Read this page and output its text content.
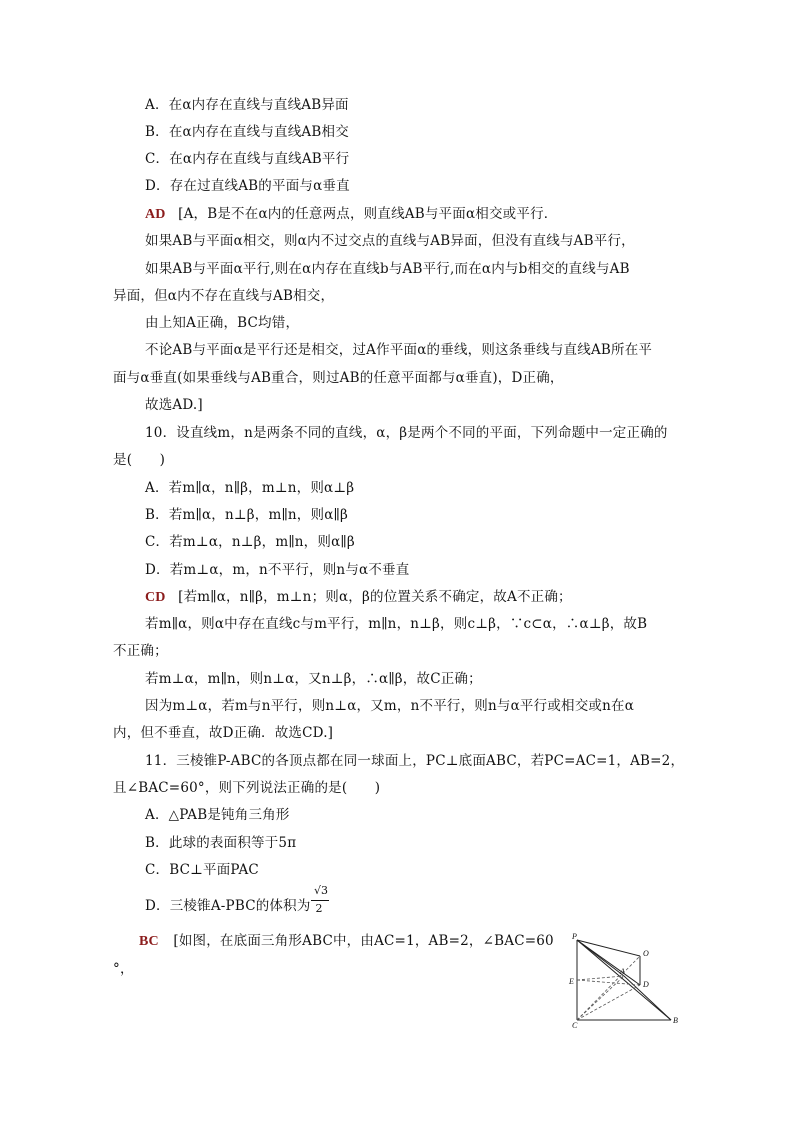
A．在α内存在直线与直线AB异面
B．在α内存在直线与直线AB相交
C．在α内存在直线与直线AB平行
D．存在过直线AB的平面与α垂直
AD [A，B是不在α内的任意两点，则直线AB与平面α相交或平行．
如果AB与平面α相交，则α内不过交点的直线与AB异面，但没有直线与AB平行，
如果AB与平面α平行,则在α内存在直线b与AB平行,而在α内与b相交的直线与AB
异面，但α内不存在直线与AB相交，
由上知A正确，BC均错，
不论AB与平面α是平行还是相交，过A作平面α的垂线，则这条垂线与直线AB所在平
面与α垂直(如果垂线与AB重合，则过AB的任意平面都与α垂直)，D正确，
故选AD.]
10．设直线m，n是两条不同的直线，α，β是两个不同的平面，下列命题中一定正确的
是(　　)
A．若m∥α，n∥β，m⊥n，则α⊥β
B．若m∥α，n⊥β，m∥n，则α∥β
C．若m⊥α，n⊥β，m∥n，则α∥β
D．若m⊥α，m，n不平行，则n与α不垂直
CD [若m∥α，n∥β，m⊥n；则α，β的位置关系不确定，故A不正确；
若m∥α，则α中存在直线c与m平行，m∥n，n⊥β，则c⊥β，∵c⊂α，∴α⊥β，故B
不正确；
若m⊥α，m∥n，则n⊥α，又n⊥β，∴α∥β，故C正确；
因为m⊥α，若m与n平行，则n⊥α，又m，n不平行，则n与α平行或相交或n在α
内，但不垂直，故D正确．故选CD.]
11．三棱锥P-ABC的各顶点都在同一球面上，PC⊥底面ABC，若PC=AC=1，AB=2，
且∠BAC=60°，则下列说法正确的是(　　)
A．△PAB是钝角三角形
B．此球的表面积等于5π
C．BC⊥平面PAC
D．三棱锥A-PBC的体积为
√3
2
BC [如图，在底面三角形ABC中，由AC=1，AB=2，∠BAC=60
°，
P
O
A
E	D
C
B
